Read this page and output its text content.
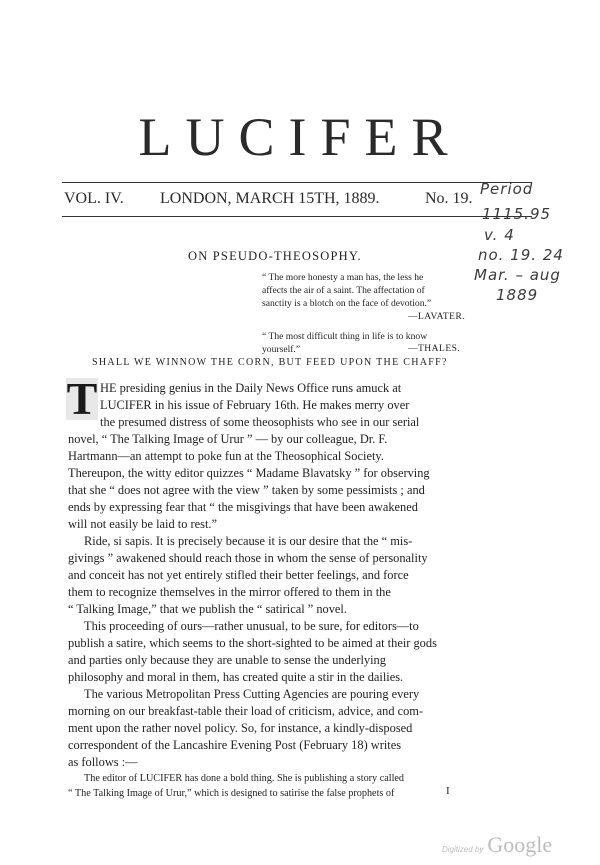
LUCIFER
VOL. IV. LONDON, MARCH 15TH, 1889.	No. 19.
Period
1115.95
v. 4
no. 19. 24
Mar. – aug
1889
ON PSEUDO-THEOSOPHY.
“ The more honesty a man has, the less he
affects the air of a saint. The affectation of
sanctity is a blotch on the face of devotion.”
—LAVATER.
“ The most difficult thing in life is to know
yourself.”	—THALES.
SHALL WE WINNOW THE CORN, BUT FEED UPON THE CHAFF?
T HE presiding genius in the Daily News Office runs amuck at
LUCIFER in his issue of February 16th. He makes merry over
the presumed distress of some theosophists who see in our serial
novel, “ The Talking Image of Urur ” — by our colleague, Dr. F.
Hartmann—an attempt to poke fun at the Theosophical Society.
Thereupon, the witty editor quizzes “ Madame Blavatsky ” for observing
that she “ does not agree with the view ” taken by some pessimists ; and
ends by expressing fear that “ the misgivings that have been awakened
will not easily be laid to rest.”
Ride, si sapis. It is precisely because it is our desire that the “ mis-
givings ” awakened should reach those in whom the sense of personality
and conceit has not yet entirely stifled their better feelings, and force
them to recognize themselves in the mirror offered to them in the
“ Talking Image,” that we publish the “ satirical ” novel.
This proceeding of ours—rather unusual, to be sure, for editors—to
publish a satire, which seems to the short-sighted to be aimed at their gods
and parties only because they are unable to sense the underlying
philosophy and moral in them, has created quite a stir in the dailies.
The various Metropolitan Press Cutting Agencies are pouring every
morning on our breakfast-table their load of criticism, advice, and com-
ment upon the rather novel policy. So, for instance, a kindly-disposed
correspondent of the Lancashire Evening Post (February 18) writes
as follows :—
The editor of LUCIFER has done a bold thing. She is publishing a story called
“ The Talking Image of Urur,” which is designed to satirise the false prophets of	I
Digitized by Google
